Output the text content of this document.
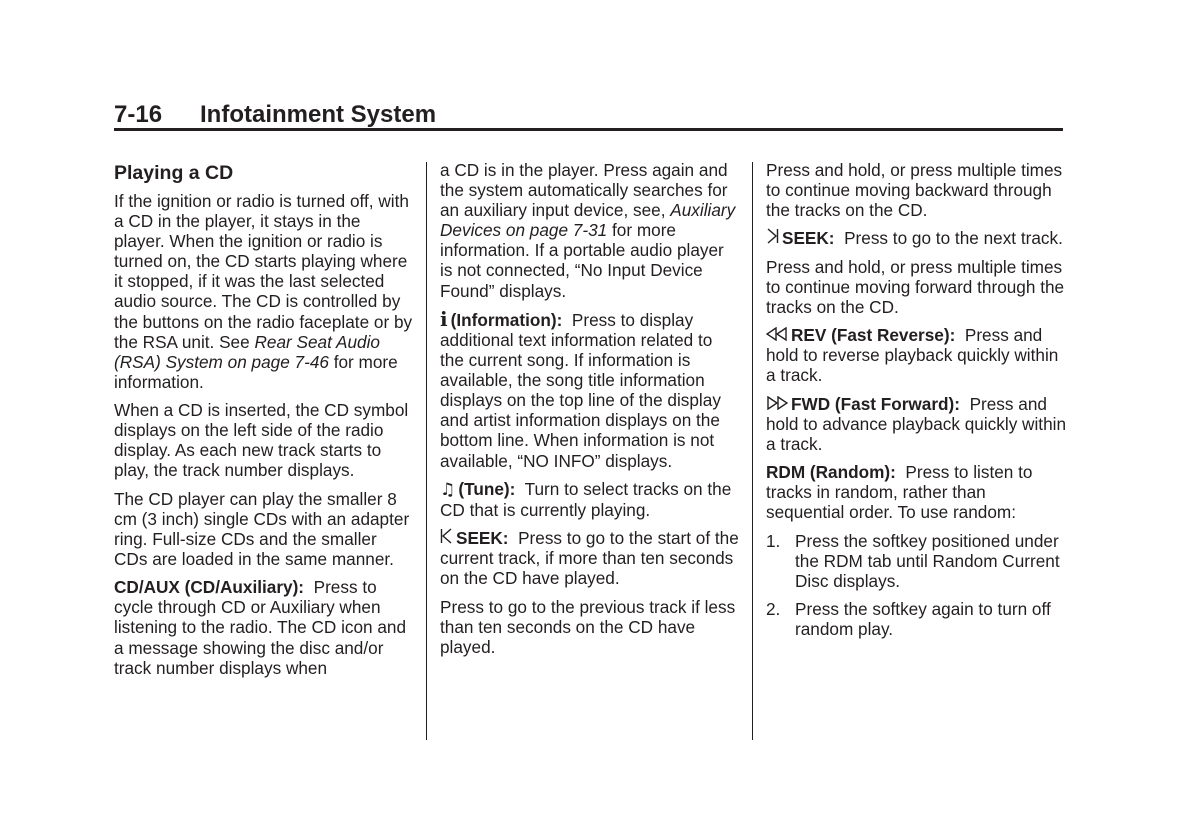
7-16 Infotainment System
Playing a CD

If the ignition or radio is turned off, with a CD in the player, it stays in the player. When the ignition or radio is turned on, the CD starts playing where it stopped, if it was the last selected audio source. The CD is controlled by the buttons on the radio faceplate or by the RSA unit. See Rear Seat Audio (RSA) System on page 7-46 for more information.

When a CD is inserted, the CD symbol displays on the left side of the radio display. As each new track starts to play, the track number displays.

The CD player can play the smaller 8 cm (3 inch) single CDs with an adapter ring. Full-size CDs and the smaller CDs are loaded in the same manner.

CD/AUX (CD/Auxiliary): Press to cycle through CD or Auxiliary when listening to the radio. The CD icon and a message showing the disc and/or track number displays when

a CD is in the player. Press again and the system automatically searches for an auxiliary input device, see, Auxiliary Devices on page 7-31 for more information. If a portable audio player is not connected, “No Input Device Found” displays.

i (Information): Press to display additional text information related to the current song. If information is available, the song title information displays on the top line of the display and artist information displays on the bottom line. When information is not available, “NO INFO” displays.

♫ (Tune): Turn to select tracks on the CD that is currently playing.

SEEK: Press to go to the start of the current track, if more than ten seconds on the CD have played.

Press to go to the previous track if less than ten seconds on the CD have played.

Press and hold, or press multiple times to continue moving backward through the tracks on the CD.

SEEK: Press to go to the next track.

Press and hold, or press multiple times to continue moving forward through the tracks on the CD.

REV (Fast Reverse): Press and hold to reverse playback quickly within a track.

FWD (Fast Forward): Press and hold to advance playback quickly within a track.

RDM (Random): Press to listen to tracks in random, rather than sequential order. To use random:

1. Press the softkey positioned under the RDM tab until Random Current Disc displays.
2. Press the softkey again to turn off random play.
